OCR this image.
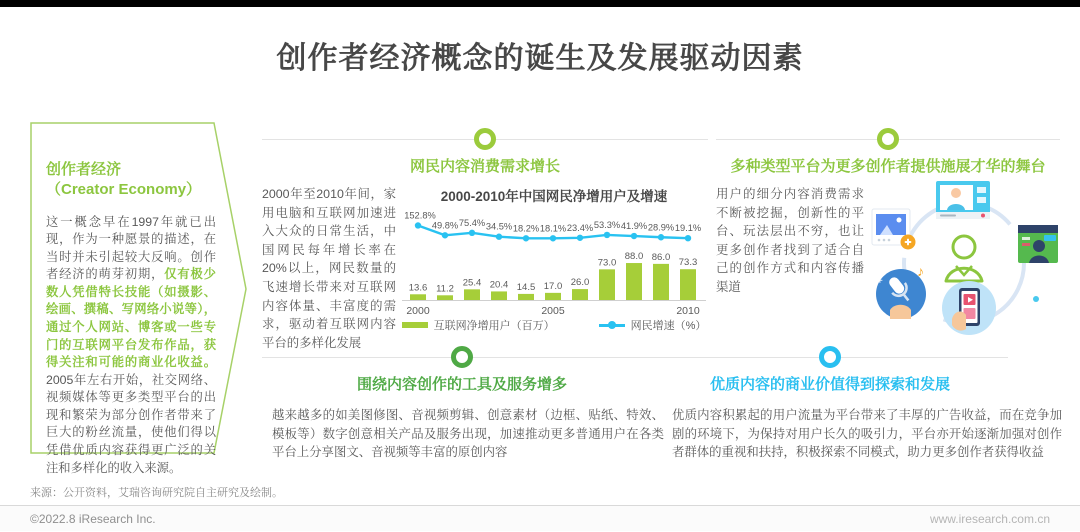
创作者经济概念的诞生及发展驱动因素
创作者经济
（Creator Economy）
这一概念早在1997年就已出现，作为一种愿景的描述，在当时并未引起较大反响。创作者经济的萌芽初期，仅有极少数人凭借特长技能（如摄影、绘画、撰稿、写网络小说等），通过个人网站、博客或一些专门的互联网平台发布作品，获得关注和可能的商业化收益。2005年左右开始，社交网络、视频媒体等更多类型平台的出现和繁荣为部分创作者带来了巨大的粉丝流量，使他们得以凭借优质内容获得更广泛的关注和多样化的收入来源。
网民内容消费需求增长

2000年至2010年间，家用电脑和互联网加速进入大众的日常生活，中国网民每年增长率在20%以上，网民数量的飞速增长带来对互联网内容体量、丰富度的需求，驱动着互联网内容平台的多样化发展

2000-2010年中国网民净增用户及增速
13.6 11.2
25.4 20.4 14.5 17.0 26.0
73.0
88.0 86.0 73.3
2000	2005	2010
152.8%
49.8% 75.4% 34.5% 18.2% 18.1% 23.4% 53.3% 41.9% 28.9% 19.1%
互联网净增用户（百万）	网民增速（%）
多种类型平台为更多创作者提供施展才华的舞台

用户的细分内容消费需求不断被挖掘，创新性的平台、玩法层出不穷，也让更多创作者找到了适合自己的创作方式和内容传播渠道

♪
+
围绕内容创作的工具及服务增多

越来越多的如美图修图、音视频剪辑、创意素材（边框、贴纸、特效、模板等）数字创意相关产品及服务出现，加速推动更多普通用户在各类平台上分享图文、音视频等丰富的原创内容

优质内容的商业价值得到探索和发展

优质内容积累起的用户流量为平台带来了丰厚的广告收益，而在竞争加剧的环境下，为保持对用户长久的吸引力，平台亦开始逐渐加强对创作者群体的重视和扶持，积极探索不同模式，助力更多创作者获得收益

来源：公开资料，艾瑞咨询研究院自主研究及绘制。
©2022.8 iResearch Inc.	www.iresearch.com.cn
